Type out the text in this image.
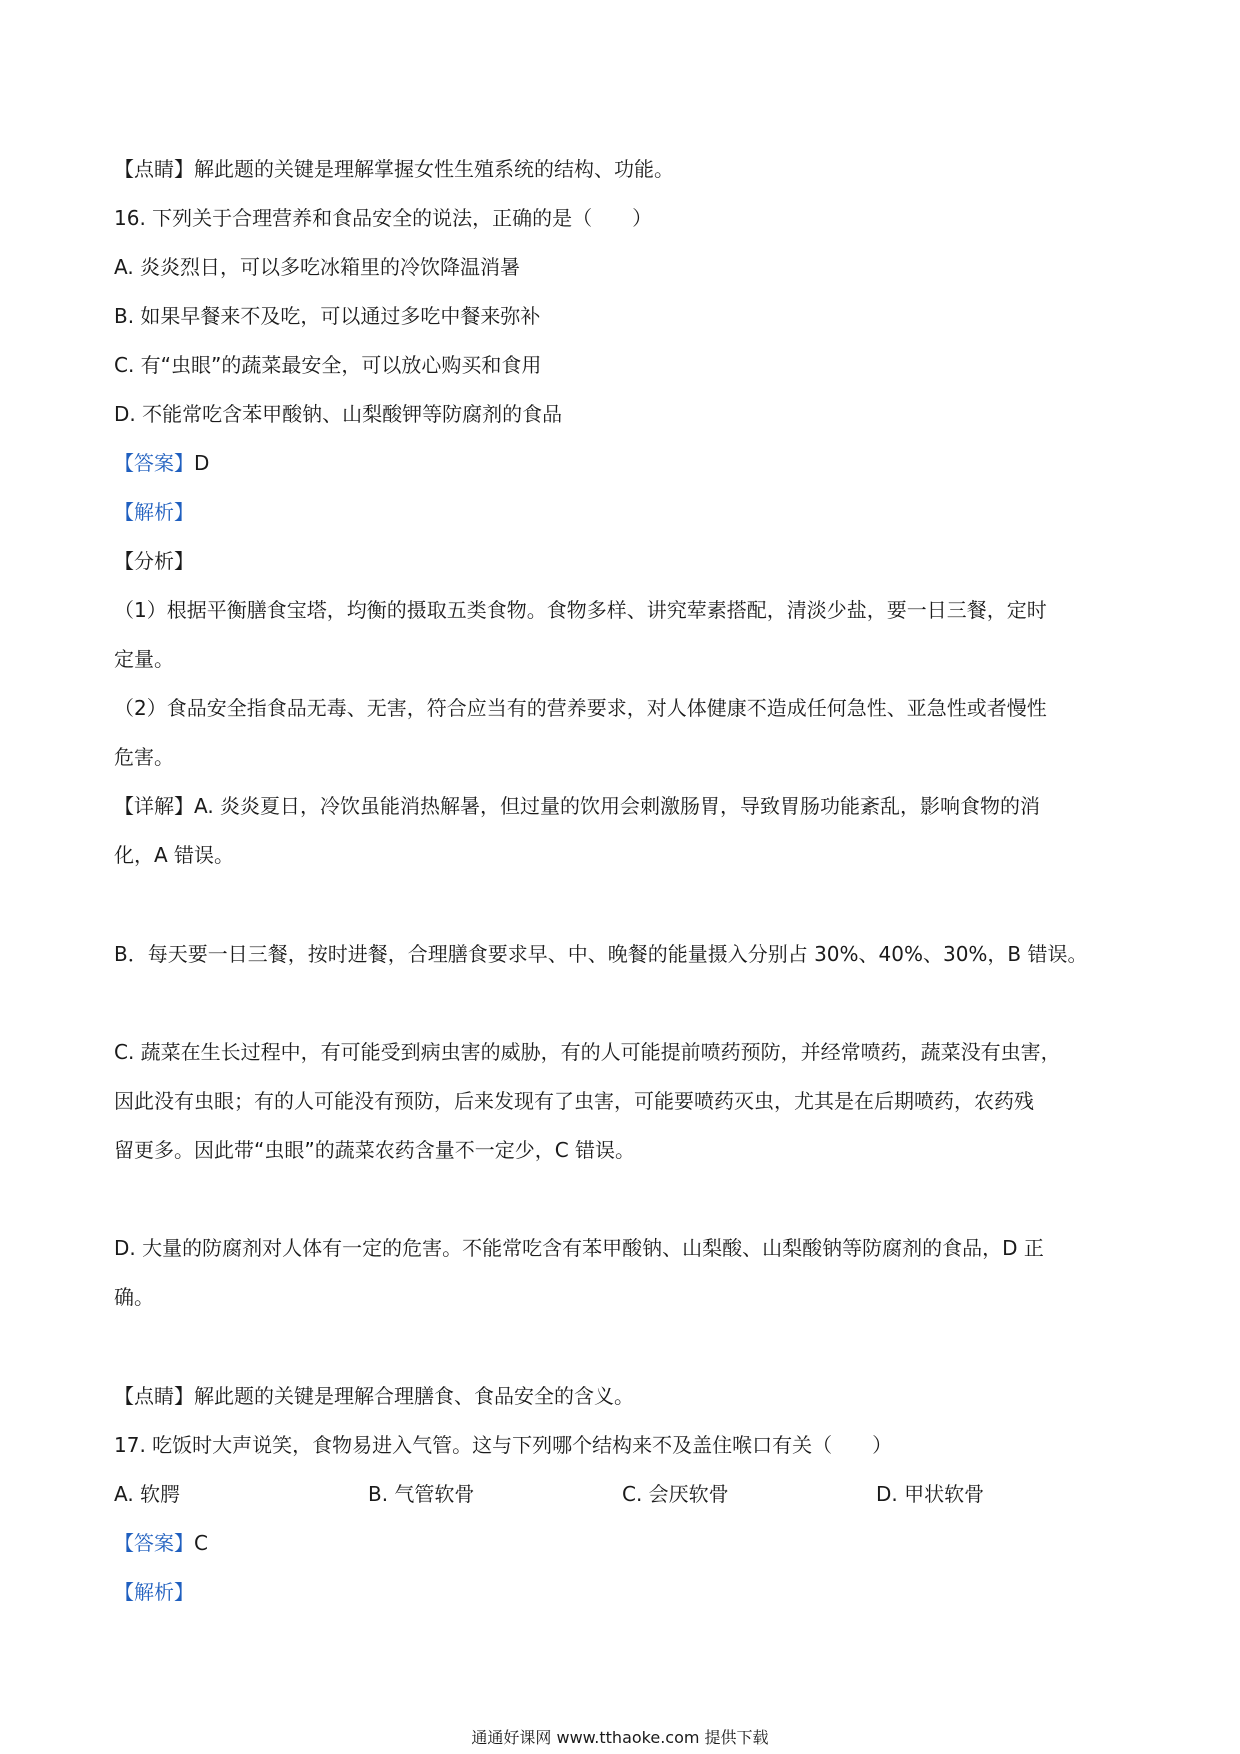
【点睛】解此题的关键是理解掌握女性生殖系统的结构、功能。
16. 下列关于合理营养和食品安全的说法，正确的是（　　）
A. 炎炎烈日，可以多吃冰箱里的冷饮降温消暑
B. 如果早餐来不及吃，可以通过多吃中餐来弥补
C. 有“虫眼”的蔬菜最安全，可以放心购买和食用
D. 不能常吃含苯甲酸钠、山梨酸钾等防腐剂的食品
【答案】D
【解析】
【分析】
（1）根据平衡膳食宝塔，均衡的摄取五类食物。食物多样、讲究荤素搭配，清淡少盐，要一日三餐，定时
定量。
（2）食品安全指食品无毒、无害，符合应当有的营养要求，对人体健康不造成任何急性、亚急性或者慢性
危害。
【详解】A. 炎炎夏日，冷饮虽能消热解暑，但过量的饮用会刺激肠胃，导致胃肠功能紊乱，影响食物的消
化，A 错误。
B．每天要一日三餐，按时进餐，合理膳食要求早、中、晚餐的能量摄入分别占 30%、40%、30%，B 错误。
C. 蔬菜在生长过程中，有可能受到病虫害的威胁，有的人可能提前喷药预防，并经常喷药，蔬菜没有虫害，
因此没有虫眼；有的人可能没有预防，后来发现有了虫害，可能要喷药灭虫，尤其是在后期喷药，农药残
留更多。因此带“虫眼”的蔬菜农药含量不一定少，C 错误。
D. 大量的防腐剂对人体有一定的危害。不能常吃含有苯甲酸钠、山梨酸、山梨酸钠等防腐剂的食品，D 正
确。
【点睛】解此题的关键是理解合理膳食、食品安全的含义。
17. 吃饭时大声说笑，食物易进入气管。这与下列哪个结构来不及盖住喉口有关（　　）
A. 软腭	B. 气管软骨	C. 会厌软骨	D. 甲状软骨
【答案】C
【解析】
通通好课网 www.tthaoke.com 提供下载
